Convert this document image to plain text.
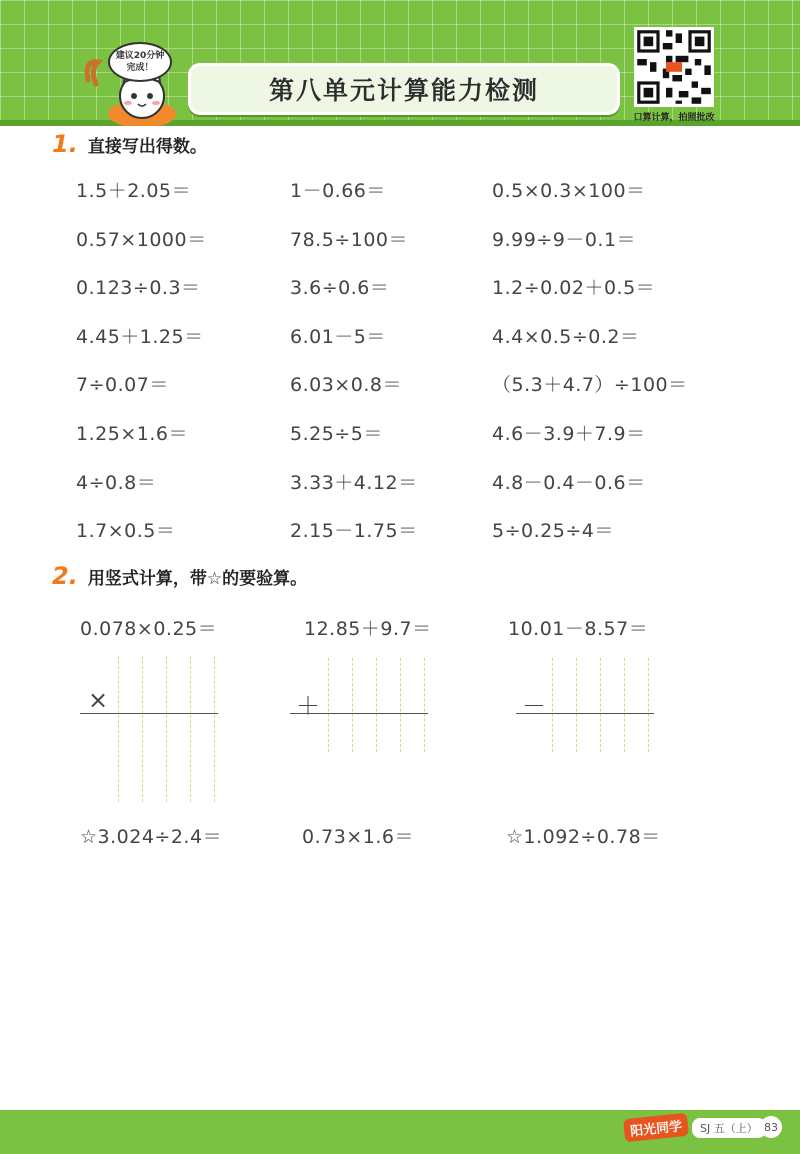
建议20分钟
完成！
第八单元计算能力检测
口算计算，拍照批改
1. 直接写出得数。
1.5＋2.05＝	1－0.66＝	0.5×0.3×100＝
0.57×1000＝	78.5÷100＝	9.99÷9－0.1＝
0.123÷0.3＝	3.6÷0.6＝	1.2÷0.02＋0.5＝
4.45＋1.25＝	6.01－5＝	4.4×0.5÷0.2＝
7÷0.07＝	6.03×0.8＝	（5.3＋4.7）÷100＝
1.25×1.6＝	5.25÷5＝	4.6－3.9＋7.9＝
4÷0.8＝	3.33＋4.12＝	4.8－0.4－0.6＝
1.7×0.5＝	2.15－1.75＝	5÷0.25÷4＝
2. 用竖式计算，带☆的要验算。
0.078×0.25＝	12.85＋9.7＝	10.01－8.57＝
×	＋	－
☆3.024÷2.4＝	0.73×1.6＝	☆1.092÷0.78＝
阳光同学	SJ 五（上） 83
